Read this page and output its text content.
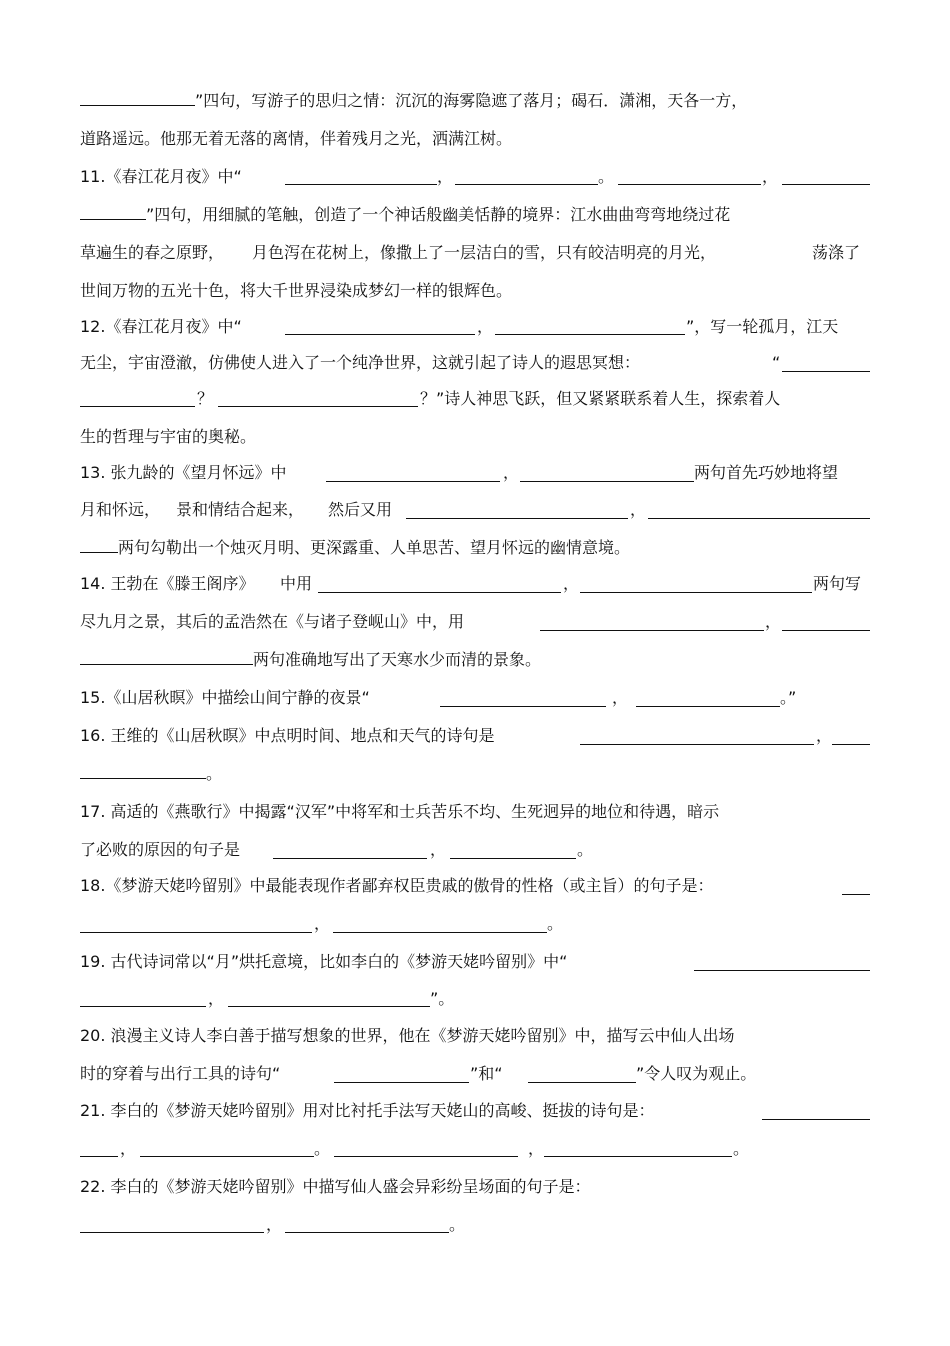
”四句，写游子的思归之情：沉沉的海雾隐遮了落月；碣石．潇湘，天各一方，
道路遥远。他那无着无落的离情，伴着残月之光，洒满江树。
11.《春江花月夜》中“	，	。	，
”四句，用细腻的笔触，创造了一个神话般幽美恬静的境界：江水曲曲弯弯地绕过花
草遍生的春之原野， 月色泻在花树上，像撒上了一层洁白的雪，只有皎洁明亮的月光，	荡涤了
世间万物的五光十色，将大千世界浸染成梦幻一样的银辉色。
12.《春江花月夜》中“	，	”，写一轮孤月，江天
无尘，宇宙澄澈，仿佛使人进入了一个纯净世界，这就引起了诗人的遐思冥想：	“
？	？”诗人神思飞跃，但又紧紧联系着人生，探索着人
生的哲理与宇宙的奥秘。
13. 张九龄的《望月怀远》中	，	两句首先巧妙地将望
月和怀远， 景和情结合起来， 然后又用	，
两句勾勒出一个烛灭月明、更深露重、人单思苦、望月怀远的幽情意境。
14. 王勃在《滕王阁序》 中用	，	两句写
尽九月之景，其后的孟浩然在《与诸子登岘山》中，用	，
两句准确地写出了天寒水少而清的景象。
15.《山居秋暝》中描绘山间宁静的夜景“	，	。”
16. 王维的《山居秋暝》中点明时间、地点和天气的诗句是	，
。
17. 高适的《燕歌行》中揭露“汉军”中将军和士兵苦乐不均、生死迥异的地位和待遇，暗示
了必败的原因的句子是	，	。
18.《梦游天姥吟留别》中最能表现作者鄙弃权臣贵戚的傲骨的性格（或主旨）的句子是：
，	。
19. 古代诗词常以“月”烘托意境，比如李白的《梦游天姥吟留别》中“
，	”。
20. 浪漫主义诗人李白善于描写想象的世界，他在《梦游天姥吟留别》中，描写云中仙人出场
时的穿着与出行工具的诗句“	”和“	”令人叹为观止。
21. 李白的《梦游天姥吟留别》用对比衬托手法写天姥山的高峻、挺拔的诗句是：
，	。	，	。
22. 李白的《梦游天姥吟留别》中描写仙人盛会异彩纷呈场面的句子是：
，	。
